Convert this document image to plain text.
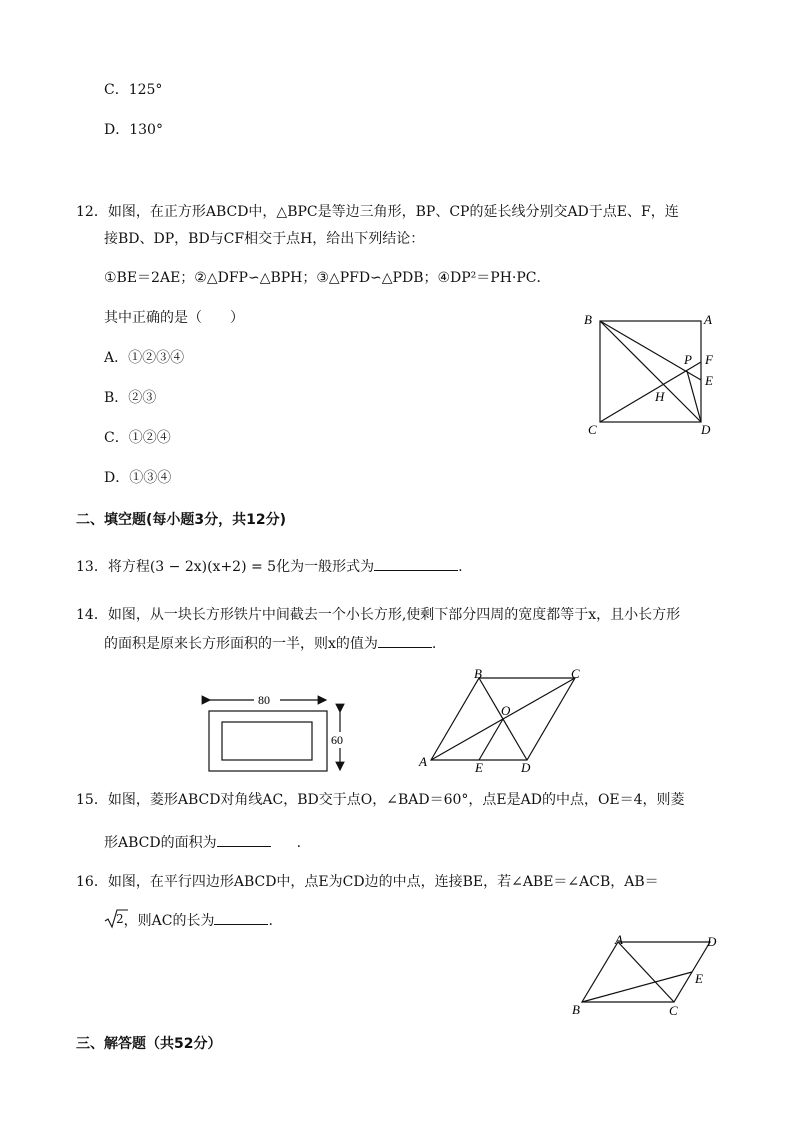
C．125°
D．130°
12．如图，在正方形ABCD中，△BPC是等边三角形，BP、CP的延长线分别交AD于点E、F，连
接BD、DP，BD与CF相交于点H，给出下列结论：
①BE＝2AE；②△DFP∽△BPH；③△PFD∽△PDB；④DP²＝PH·PC．
其中正确的是（　　）
A．①②③④
B．②③
C．①②④
D．①③④
B	A
P F
E
H
C	D
二、填空题(每小题3分，共12分)
13．将方程(3 − 2x)(x+2) = 5化为一般形式为	.
14．如图，从一块长方形铁片中间截去一个小长方形,使剩下部分四周的宽度都等于x，且小长方形
的面积是原来长方形面积的一半，则x的值为	.
80
60
B	C
O
A	E	D
15．如图，菱形ABCD对角线AC，BD交于点O，∠BAD＝60°，点E是AD的中点，OE＝4，则菱
形ABCD的面积为	.
16．如图，在平行四边形ABCD中，点E为CD边的中点，连接BE，若∠ABE＝∠ACB，AB＝
2，则AC的长为	.
A	D
E
B	C
三、解答题（共52分）
